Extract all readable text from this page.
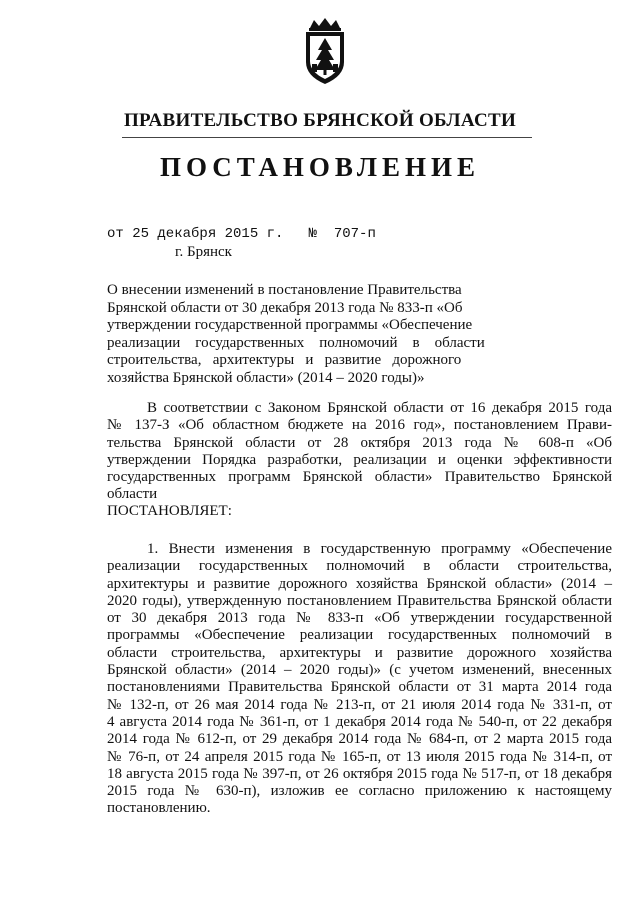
ПРАВИТЕЛЬСТВО БРЯНСКОЙ ОБЛАСТИ
ПОСТАНОВЛЕНИЕ
от 25 декабря 2015 г.   №  707-п
г. Брянск
О внесении изменений в постановление Правительства
Брянской области от 30 декабря 2013 года № 833-п «Об
утверждении государственной программы «Обеспечение
реализации    государственных    полномочий    в    области
строительства,   архитектуры   и   развитие   дорожного
хозяйства Брянской области» (2014 – 2020 годы)»
В соответствии с Законом Брянской области от 16 декабря 2015 года
№ 137-З «Об областном бюджете на 2016 год», постановлением Прави-
тельства Брянской области от 28 октября 2013 года № 608-п «Об
утверждении Порядка разработки, реализации и оценки эффективности
государственных программ Брянской области» Правительство Брянской
области
ПОСТАНОВЛЯЕТ:
1. Внести изменения в государственную программу «Обеспечение
реализации государственных полномочий в области строительства,
архитектуры и развитие дорожного хозяйства Брянской области» (2014 –
2020 годы), утвержденную постановлением Правительства Брянской области
от 30 декабря 2013 года № 833-п «Об утверждении государственной
программы «Обеспечение реализации государственных полномочий в
области строительства, архитектуры и развитие дорожного хозяйства
Брянской области» (2014 – 2020 годы)» (с учетом изменений, внесенных
постановлениями Правительства Брянской области от 31 марта 2014 года
№ 132-п, от 26 мая 2014 года № 213-п, от 21 июля 2014 года № 331-п, от
4 августа 2014 года № 361-п, от 1 декабря 2014 года № 540-п, от 22 декабря
2014 года № 612-п, от 29 декабря 2014 года № 684-п, от 2 марта 2015 года
№ 76-п, от 24 апреля 2015 года № 165-п, от 13 июля 2015 года № 314-п, от
18 августа 2015 года № 397-п, от 26 октября 2015 года № 517-п, от 18 декабря
2015 года № 630-п), изложив ее согласно приложению к настоящему
постановлению.
